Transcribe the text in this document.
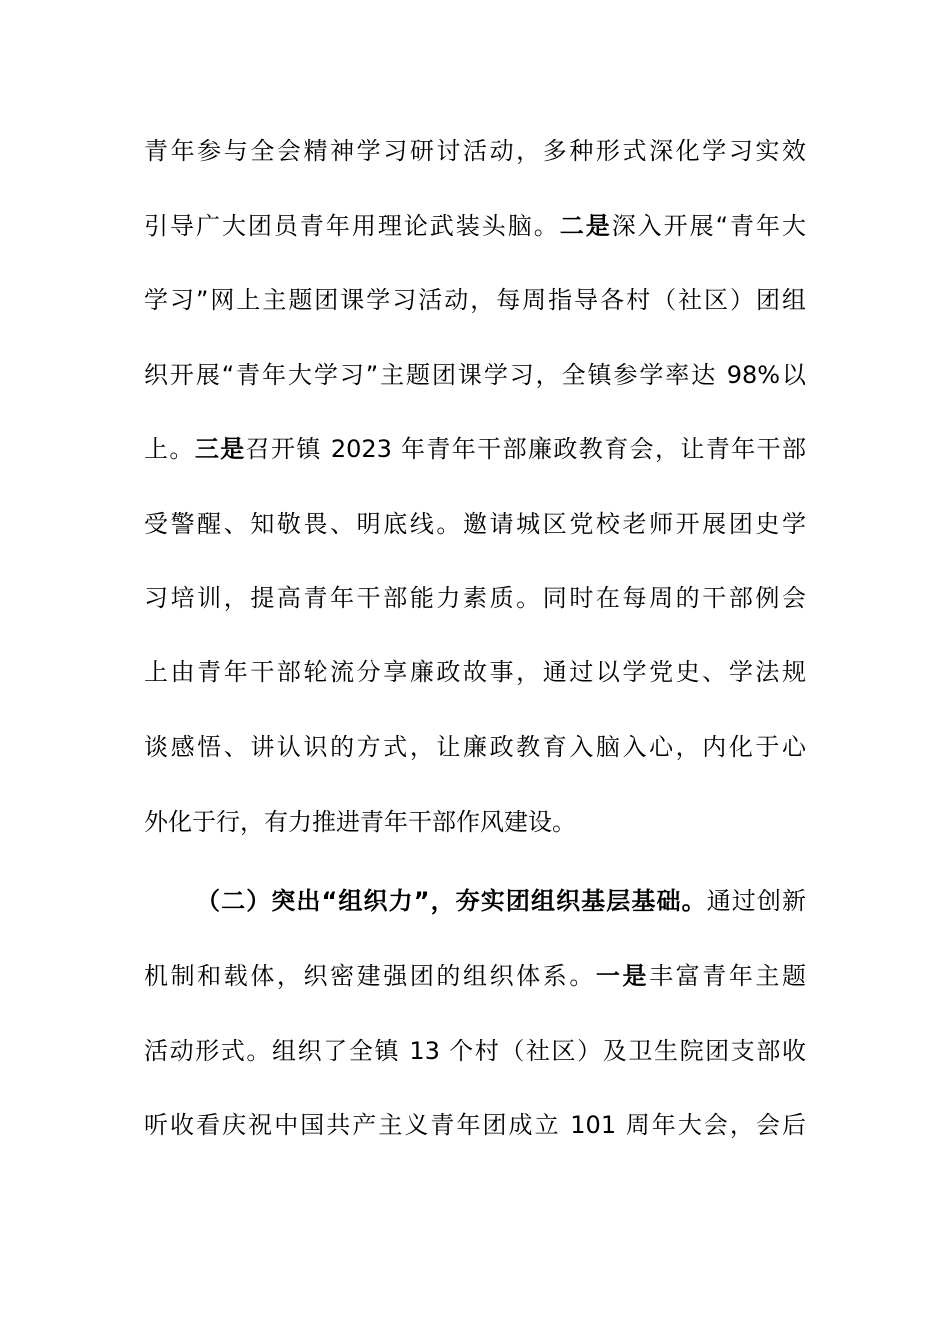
青年参与全会精神学习研讨活动，多种形式深化学习实效
引导广大团员青年用理论武装头脑。二是深入开展“青年大
学习”网上主题团课学习活动，每周指导各村（社区）团组
织开展“青年大学习”主题团课学习，全镇参学率达 98%以
上。三是召开镇 2023 年青年干部廉政教育会，让青年干部
受警醒、知敬畏、明底线。邀请城区党校老师开展团史学
习培训，提高青年干部能力素质。同时在每周的干部例会
上由青年干部轮流分享廉政故事，通过以学党史、学法规
谈感悟、讲认识的方式，让廉政教育入脑入心，内化于心
外化于行，有力推进青年干部作风建设。
（二）突出“组织力”，夯实团组织基层基础。通过创新
机制和载体，织密建强团的组织体系。一是丰富青年主题
活动形式。组织了全镇 13 个村（社区）及卫生院团支部收
听收看庆祝中国共产主义青年团成立 101 周年大会，会后
